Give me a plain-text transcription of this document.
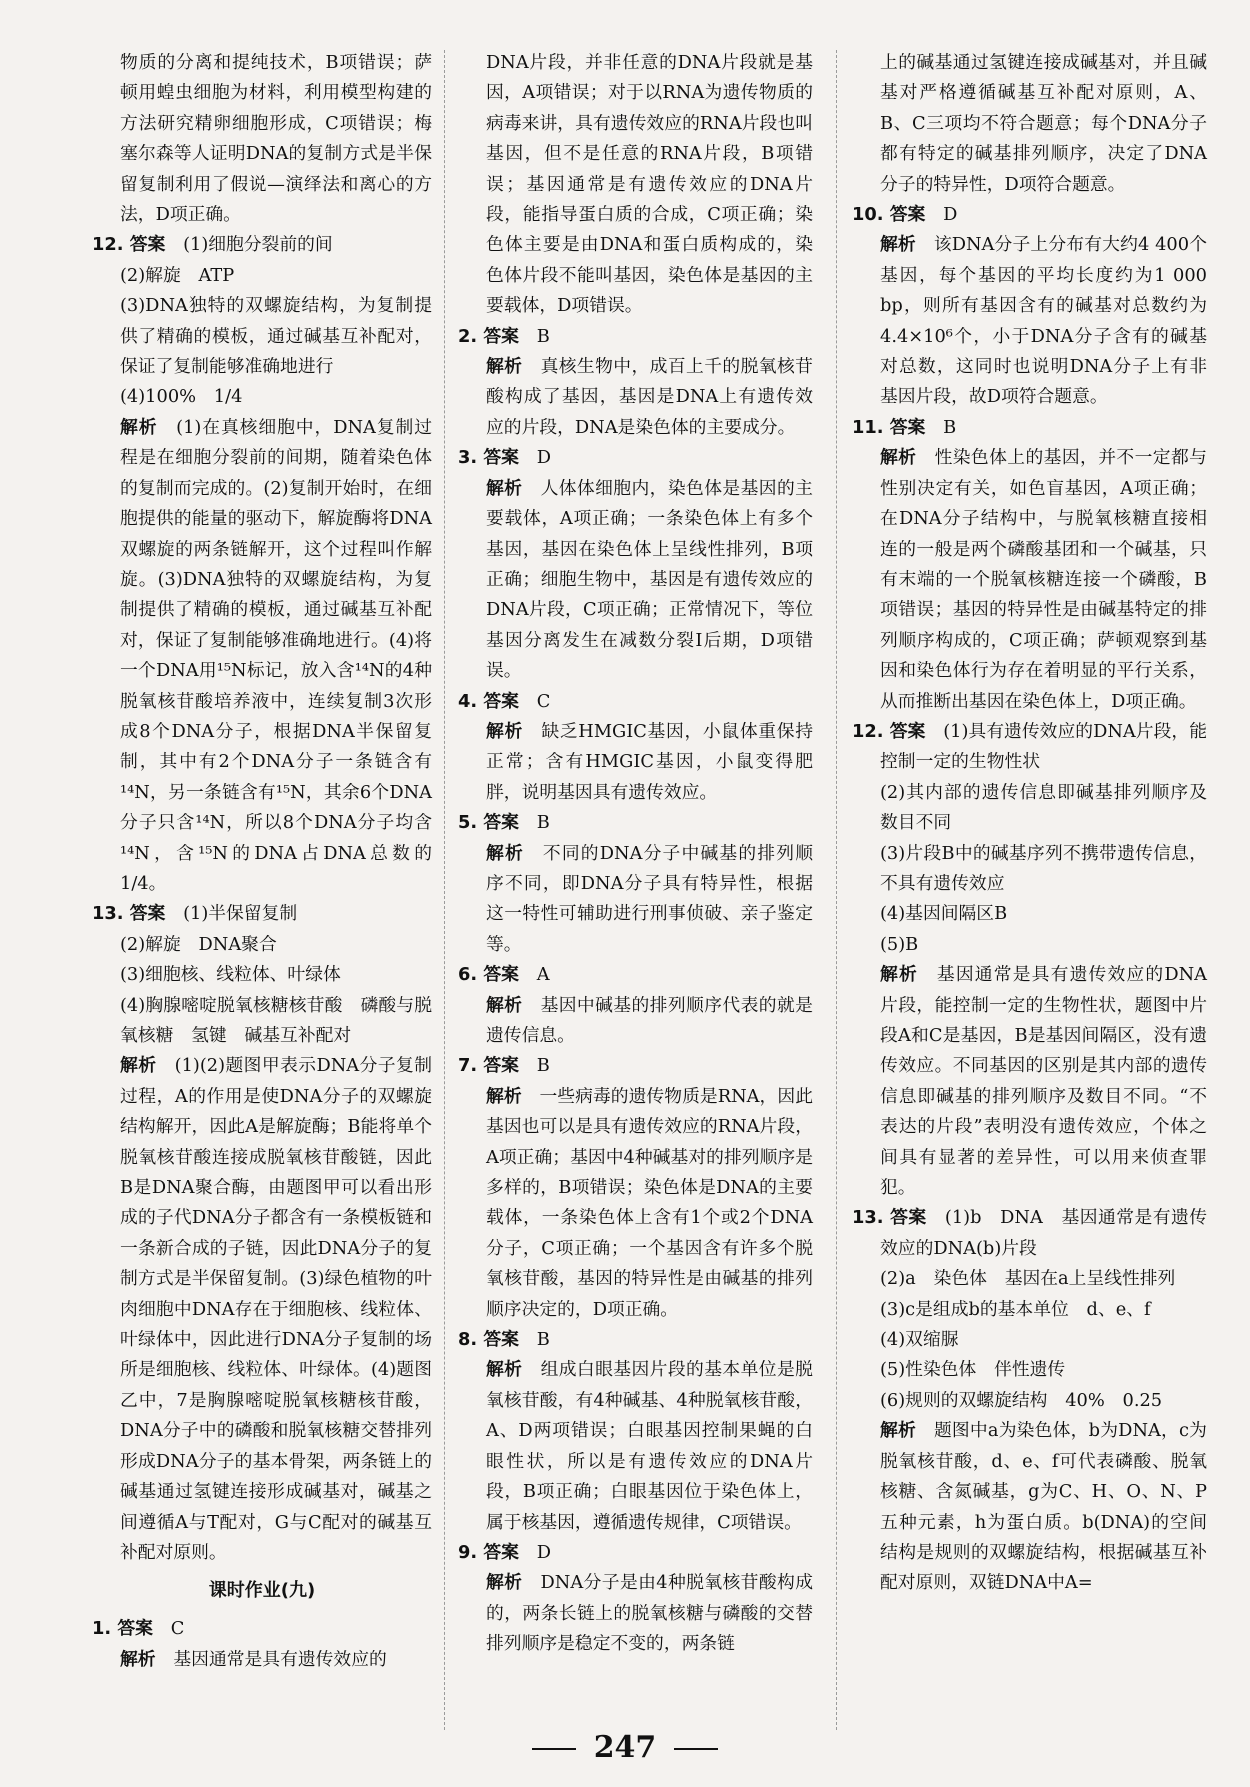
物质的分离和提纯技术，B项错误；萨顿用蝗虫细胞为材料，利用模型构建的方法研究精卵细胞形成，C项错误；梅塞尔森等人证明DNA的复制方式是半保留复制利用了假说—演绎法和离心的方法，D项正确。

12. 答案　 (1)细胞分裂前的间

(2)解旋　ATP

(3)DNA独特的双螺旋结构，为复制提供了精确的模板，通过碱基互补配对，保证了复制能够准确地进行

(4)100%　1/4

解析　 (1)在真核细胞中，DNA复制过程是在细胞分裂前的间期，随着染色体的复制而完成的。(2)复制开始时，在细胞提供的能量的驱动下，解旋酶将DNA双螺旋的两条链解开，这个过程叫作解旋。(3)DNA独特的双螺旋结构，为复制提供了精确的模板，通过碱基互补配对，保证了复制能够准确地进行。(4)将一个DNA用¹⁵N标记，放入含¹⁴N的4种脱氧核苷酸培养液中，连续复制3次形成8个DNA分子，根据DNA半保留复制，其中有2个DNA分子一条链含有¹⁴N，另一条链含有¹⁵N，其余6个DNA分子只含¹⁴N，所以8个DNA分子均含¹⁴N，含¹⁵N的DNA占DNA总数的1/4。

13. 答案　 (1)半保留复制

(2)解旋　DNA聚合

(3)细胞核、线粒体、叶绿体

(4)胸腺嘧啶脱氧核糖核苷酸　磷酸与脱氧核糖　氢键　碱基互补配对

解析　 (1)(2)题图甲表示DNA分子复制过程，A的作用是使DNA分子的双螺旋结构解开，因此A是解旋酶；B能将单个脱氧核苷酸连接成脱氧核苷酸链，因此B是DNA聚合酶，由题图甲可以看出形成的子代DNA分子都含有一条模板链和一条新合成的子链，因此DNA分子的复制方式是半保留复制。(3)绿色植物的叶肉细胞中DNA存在于细胞核、线粒体、叶绿体中，因此进行DNA分子复制的场所是细胞核、线粒体、叶绿体。(4)题图乙中，7是胸腺嘧啶脱氧核糖核苷酸，DNA分子中的磷酸和脱氧核糖交替排列形成DNA分子的基本骨架，两条链上的碱基通过氢键连接形成碱基对，碱基之间遵循A与T配对，G与C配对的碱基互补配对原则。

课时作业(九)

1. 答案　 C

解析　 基因通常是具有遗传效应的

DNA片段，并非任意的DNA片段就是基因，A项错误；对于以RNA为遗传物质的病毒来讲，具有遗传效应的RNA片段也叫基因，但不是任意的RNA片段，B项错误；基因通常是有遗传效应的DNA片段，能指导蛋白质的合成，C项正确；染色体主要是由DNA和蛋白质构成的，染色体片段不能叫基因，染色体是基因的主要载体，D项错误。

2. 答案　 B

解析　 真核生物中，成百上千的脱氧核苷酸构成了基因，基因是DNA上有遗传效应的片段，DNA是染色体的主要成分。

3. 答案　 D

解析　 人体体细胞内，染色体是基因的主要载体，A项正确；一条染色体上有多个基因，基因在染色体上呈线性排列，B项正确；细胞生物中，基因是有遗传效应的DNA片段，C项正确；正常情况下，等位基因分离发生在减数分裂Ⅰ后期，D项错误。

4. 答案　 C

解析　 缺乏HMGIC基因，小鼠体重保持正常；含有HMGIC基因，小鼠变得肥胖，说明基因具有遗传效应。

5. 答案　 B

解析　 不同的DNA分子中碱基的排列顺序不同，即DNA分子具有特异性，根据这一特性可辅助进行刑事侦破、亲子鉴定等。

6. 答案　 A

解析　 基因中碱基的排列顺序代表的就是遗传信息。

7. 答案　 B

解析　 一些病毒的遗传物质是RNA，因此基因也可以是具有遗传效应的RNA片段，A项正确；基因中4种碱基对的排列顺序是多样的，B项错误；染色体是DNA的主要载体，一条染色体上含有1个或2个DNA分子，C项正确；一个基因含有许多个脱氧核苷酸，基因的特异性是由碱基的排列顺序决定的，D项正确。

8. 答案　 B

解析　 组成白眼基因片段的基本单位是脱氧核苷酸，有4种碱基、4种脱氧核苷酸，A、D两项错误；白眼基因控制果蝇的白眼性状，所以是有遗传效应的DNA片段，B项正确；白眼基因位于染色体上，属于核基因，遵循遗传规律，C项错误。

9. 答案　 D

解析　 DNA分子是由4种脱氧核苷酸构成的，两条长链上的脱氧核糖与磷酸的交替排列顺序是稳定不变的，两条链

上的碱基通过氢键连接成碱基对，并且碱基对严格遵循碱基互补配对原则，A、B、C三项均不符合题意；每个DNA分子都有特定的碱基排列顺序，决定了DNA分子的特异性，D项符合题意。

10. 答案　 D

解析　 该DNA分子上分布有大约4 400个基因，每个基因的平均长度约为1 000 bp，则所有基因含有的碱基对总数约为4.4×10⁶个，小于DNA分子含有的碱基对总数，这同时也说明DNA分子上有非基因片段，故D项符合题意。

11. 答案　 B

解析　 性染色体上的基因，并不一定都与性别决定有关，如色盲基因，A项正确；在DNA分子结构中，与脱氧核糖直接相连的一般是两个磷酸基团和一个碱基，只有末端的一个脱氧核糖连接一个磷酸，B项错误；基因的特异性是由碱基特定的排列顺序构成的，C项正确；萨顿观察到基因和染色体行为存在着明显的平行关系，从而推断出基因在染色体上，D项正确。

12. 答案　 (1)具有遗传效应的DNA片段，能控制一定的生物性状

(2)其内部的遗传信息即碱基排列顺序及数目不同

(3)片段B中的碱基序列不携带遗传信息，不具有遗传效应

(4)基因间隔区B

(5)B

解析　 基因通常是具有遗传效应的DNA片段，能控制一定的生物性状，题图中片段A和C是基因，B是基因间隔区，没有遗传效应。不同基因的区别是其内部的遗传信息即碱基的排列顺序及数目不同。“不表达的片段”表明没有遗传效应，个体之间具有显著的差异性，可以用来侦查罪犯。

13. 答案　 (1)b　DNA　基因通常是有遗传效应的DNA(b)片段

(2)a　染色体　基因在a上呈线性排列

(3)c是组成b的基本单位　d、e、f

(4)双缩脲

(5)性染色体　伴性遗传

(6)规则的双螺旋结构　40%　0.25

解析　 题图中a为染色体，b为DNA，c为脱氧核苷酸，d、e、f可代表磷酸、脱氧核糖、含氮碱基，g为C、H、O、N、P五种元素，h为蛋白质。b(DNA)的空间结构是规则的双螺旋结构，根据碱基互补配对原则，双链DNA中A=

247
